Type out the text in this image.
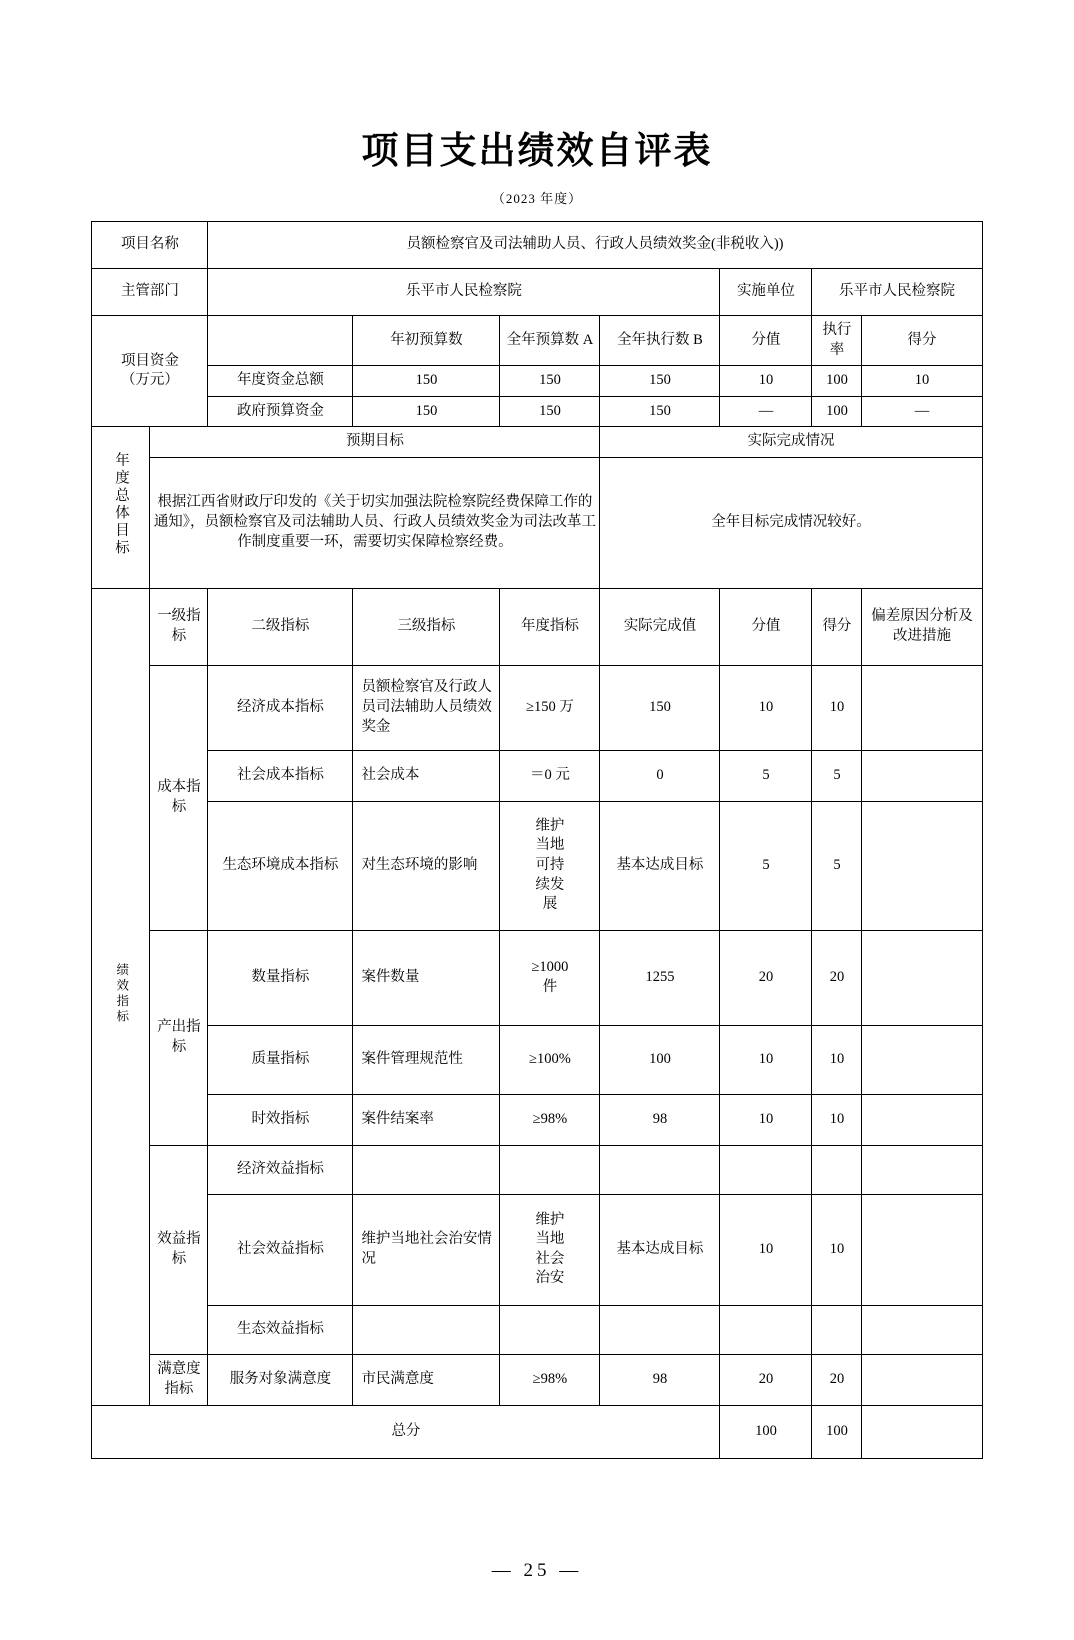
项目支出绩效自评表
（2023 年度）
项目名称		员额检察官及司法辅助人员、行政人员绩效奖金(非税收入))						
主管部门		乐平市人民检察院				实施单位	乐平市人民检察院	

项目资金
（万元）			年初预算数	全年预算数 A	全年执行数 B	分值	执行率	得分
		年度资金总额	150	150	150	10	100	10
		政府预算资金	150	150	150	—	100	—
年度总体目标	预期目标				实际完成情况			
	根据江西省财政厅印发的《关于切实加强法院检察院经费保障工作的通知》，员额检察官及司法辅助人员、行政人员绩效奖金为司法改革工作制度重要一环，需要切实保障检察经费。				全年目标完成情况较好。			
绩效指标	一级指标	二级指标	三级指标	年度指标	实际完成值	分值	得分	偏差原因分析及改进措施
	成本指标	经济成本指标	员额检察官及行政人员司法辅助人员绩效奖金	≥150 万	150	10	10	
		社会成本指标	社会成本	＝0 元	0	5	5	
		生态环境成本指标	对生态环境的影响	维护当地可持续发展	基本达成目标	5	5	
	产出指标	数量指标	案件数量	≥1000 件	1255	20	20	
		质量指标	案件管理规范性	≥100%	100	10	10	
		时效指标	案件结案率	≥98%	98	10	10	
	效益指标	经济效益指标						
		社会效益指标	维护当地社会治安情况	维护当地社会治安	基本达成目标	10	10	
		生态效益指标						
	满意度指标	服务对象满意度	市民满意度	≥98%	98	20	20	
总分						100	100	
— 25 —
